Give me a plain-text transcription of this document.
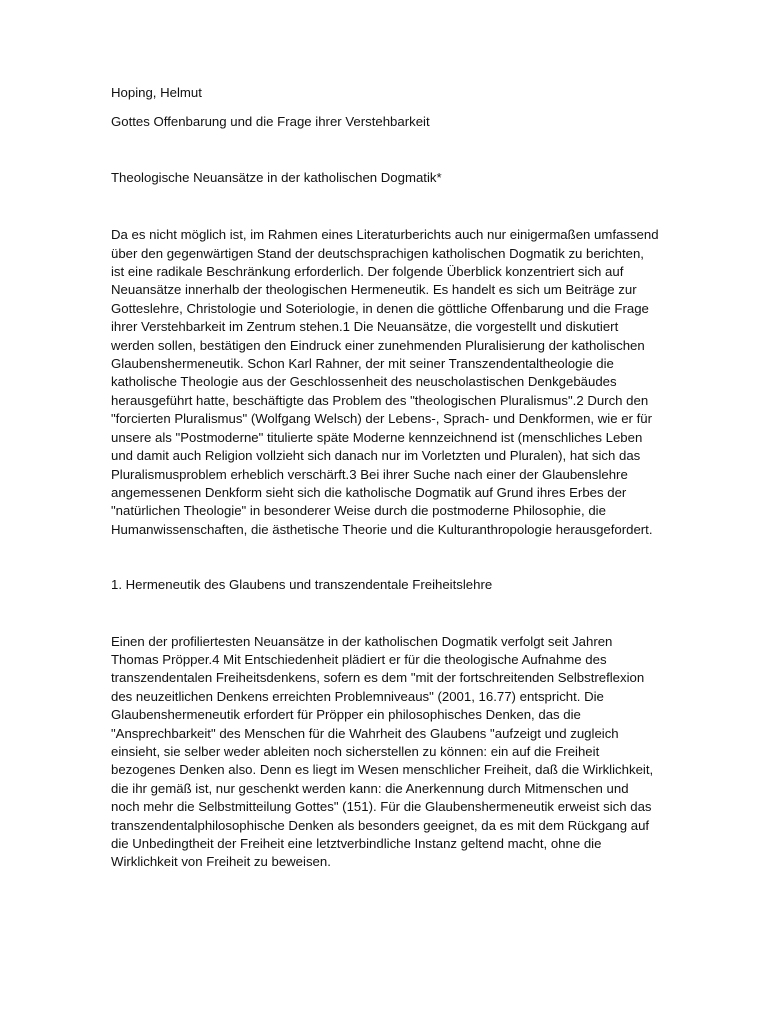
Hoping, Helmut

Gottes Offenbarung und die Frage ihrer Verstehbarkeit

Theologische Neuansätze in der katholischen Dogmatik*

Da es nicht möglich ist, im Rahmen eines Literaturberichts auch nur einigermaßen umfassend über den gegenwärtigen Stand der deutschsprachigen katholischen Dogmatik zu berichten, ist eine radikale Beschränkung erforderlich. Der folgende Überblick konzentriert sich auf Neuansätze innerhalb der theologischen Hermeneutik. Es handelt es sich um Beiträge zur Gotteslehre, Christologie und Soteriologie, in denen die göttliche Offenbarung und die Frage ihrer Verstehbarkeit im Zentrum stehen.1 Die Neuansätze, die vorgestellt und diskutiert werden sollen, bestätigen den Eindruck einer zunehmenden Pluralisierung der katholischen Glaubenshermeneutik. Schon Karl Rahner, der mit seiner Transzendentaltheologie die katholische Theologie aus der Geschlossenheit des neuscholastischen Denkgebäudes herausgeführt hatte, beschäftigte das Problem des "theologischen Pluralismus".2 Durch den "forcierten Pluralismus" (Wolfgang Welsch) der Lebens-, Sprach- und Denkformen, wie er für unsere als "Postmoderne" titulierte späte Moderne kennzeichnend ist (menschliches Leben und damit auch Religion vollzieht sich danach nur im Vorletzten und Pluralen), hat sich das Pluralismusproblem erheblich verschärft.3 Bei ihrer Suche nach einer der Glaubenslehre angemessenen Denkform sieht sich die katholische Dogmatik auf Grund ihres Erbes der "natürlichen Theologie" in besonderer Weise durch die postmoderne Philosophie, die Humanwissenschaften, die ästhetische Theorie und die Kulturanthropologie herausgefordert.

1. Hermeneutik des Glaubens und transzendentale Freiheitslehre

Einen der profiliertesten Neuansätze in der katholischen Dogmatik verfolgt seit Jahren Thomas Pröpper.4 Mit Entschiedenheit plädiert er für die theologische Aufnahme des transzendentalen Freiheitsdenkens, sofern es dem "mit der fortschreitenden Selbstreflexion des neuzeitlichen Denkens erreichten Problemniveaus" (2001, 16.77) entspricht. Die Glaubenshermeneutik erfordert für Pröpper ein philosophisches Denken, das die "Ansprechbarkeit" des Menschen für die Wahrheit des Glaubens "aufzeigt und zugleich einsieht, sie selber weder ableiten noch sicherstellen zu können: ein auf die Freiheit bezogenes Denken also. Denn es liegt im Wesen menschlicher Freiheit, daß die Wirklichkeit, die ihr gemäß ist, nur geschenkt werden kann: die Anerkennung durch Mitmenschen und noch mehr die Selbstmitteilung Gottes" (151). Für die Glaubenshermeneutik erweist sich das transzendentalphilosophische Denken als besonders geeignet, da es mit dem Rückgang auf die Unbedingtheit der Freiheit eine letztverbindliche Instanz geltend macht, ohne die Wirklichkeit von Freiheit zu beweisen.
